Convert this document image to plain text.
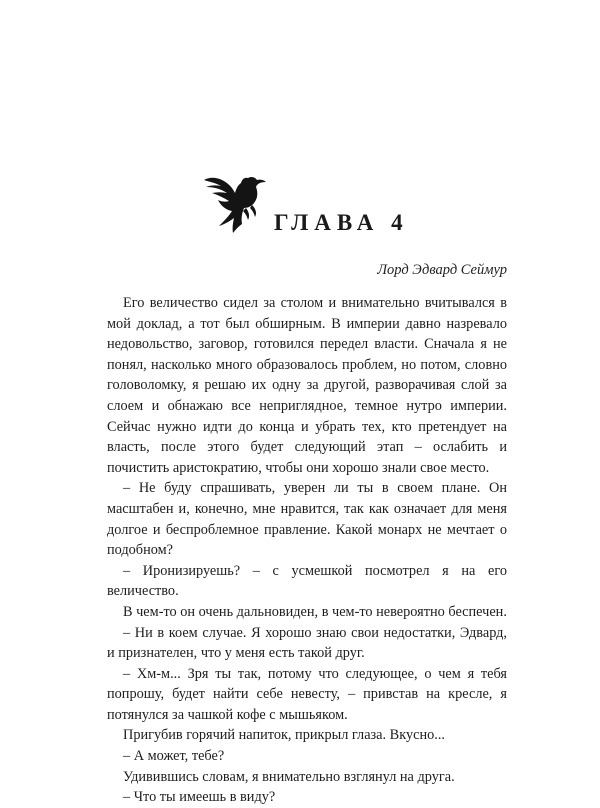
ГЛАВА 4
Лорд Эдвард Сеймур

Его величество сидел за столом и внимательно вчитывался в мой доклад, а тот был обширным. В империи давно назревало недовольство, заговор, готовился передел власти. Сначала я не понял, насколько много образовалось проблем, но потом, словно головоломку, я решаю их одну за другой, разворачивая слой за слоем и обнажаю все неприглядное, темное нутро империи. Сейчас нужно идти до конца и убрать тех, кто претендует на власть, после этого будет следующий этап – ослабить и почистить аристократию, чтобы они хорошо знали свое место.

– Не буду спрашивать, уверен ли ты в своем плане. Он масштабен и, конечно, мне нравится, так как означает для меня долгое и беспроблемное правление. Какой монарх не мечтает о подобном?

– Иронизируешь? – с усмешкой посмотрел я на его величество.

В чем-то он очень дальновиден, в чем-то невероятно беспечен.

– Ни в коем случае. Я хорошо знаю свои недостатки, Эдвард, и признателен, что у меня есть такой друг.

– Хм-м... Зря ты так, потому что следующее, о чем я тебя попрошу, будет найти себе невесту, – привстав на кресле, я потянулся за чашкой кофе с мышьяком.

Пригубив горячий напиток, прикрыл глаза. Вкусно...

– А может, тебе?

Удивившись словам, я внимательно взглянул на друга.

– Что ты имеешь в виду?
